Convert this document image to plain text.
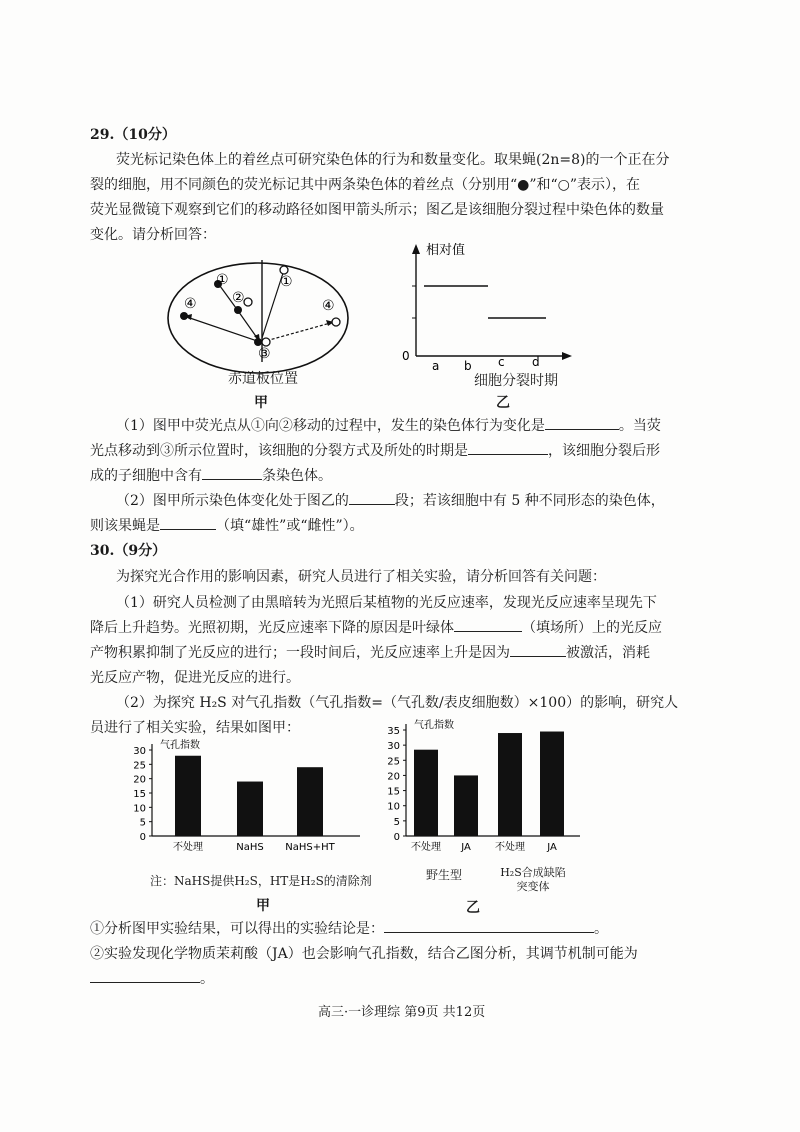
29.（10分）
荧光标记染色体上的着丝点可研究染色体的行为和数量变化。取果蝇(2n=8)的一个正在分
裂的细胞，用不同颜色的荧光标记其中两条染色体的着丝点（分别用“●”和“○”表示），在
荧光显微镜下观察到它们的移动路径如图甲箭头所示；图乙是该细胞分裂过程中染色体的数量
变化。请分析回答：
①	①
②
④	④
③
赤道板位置
甲
相对值
0
a b c d
细胞分裂时期
乙
（1）图甲中荧光点从①向②移动的过程中，发生的染色体行为变化是	。当荧
光点移动到③所示位置时，该细胞的分裂方式及所处的时期是	，该细胞分裂后形
成的子细胞中含有	条染色体。
（2）图甲所示染色体变化处于图乙的	段；若该细胞中有 5 种不同形态的染色体，
则该果蝇是	（填“雄性”或“雌性”）。
30.（9分）
为探究光合作用的影响因素，研究人员进行了相关实验，请分析回答有关问题：
（1）研究人员检测了由黑暗转为光照后某植物的光反应速率，发现光反应速率呈现先下
降后上升趋势。光照初期，光反应速率下降的原因是叶绿体	（填场所）上的光反应
产物积累抑制了光反应的进行；一段时间后，光反应速率上升是因为	被激活，消耗
光反应产物，促进光反应的进行。
（2）为探究 H₂S 对气孔指数（气孔指数=（气孔数/表皮细胞数）×100）的影响，研究人
员进行了相关实验，结果如图甲：
气孔指数
0
5
10
15
20
25
30
不处理	NaHS NaHS+HT
注：NaHS提供H₂S，HT是H₂S的清除剂
甲
气孔指数
0
5
10
15
20
25
30
35
不处理 JA 不处理 JA
野生型	H₂S合成缺陷突变体
乙
①分析图甲实验结果，可以得出的实验结论是：	。
②实验发现化学物质茉莉酸（JA）也会影响气孔指数，结合乙图分析，其调节机制可能为
。
高三·一诊理综 第9页 共12页
